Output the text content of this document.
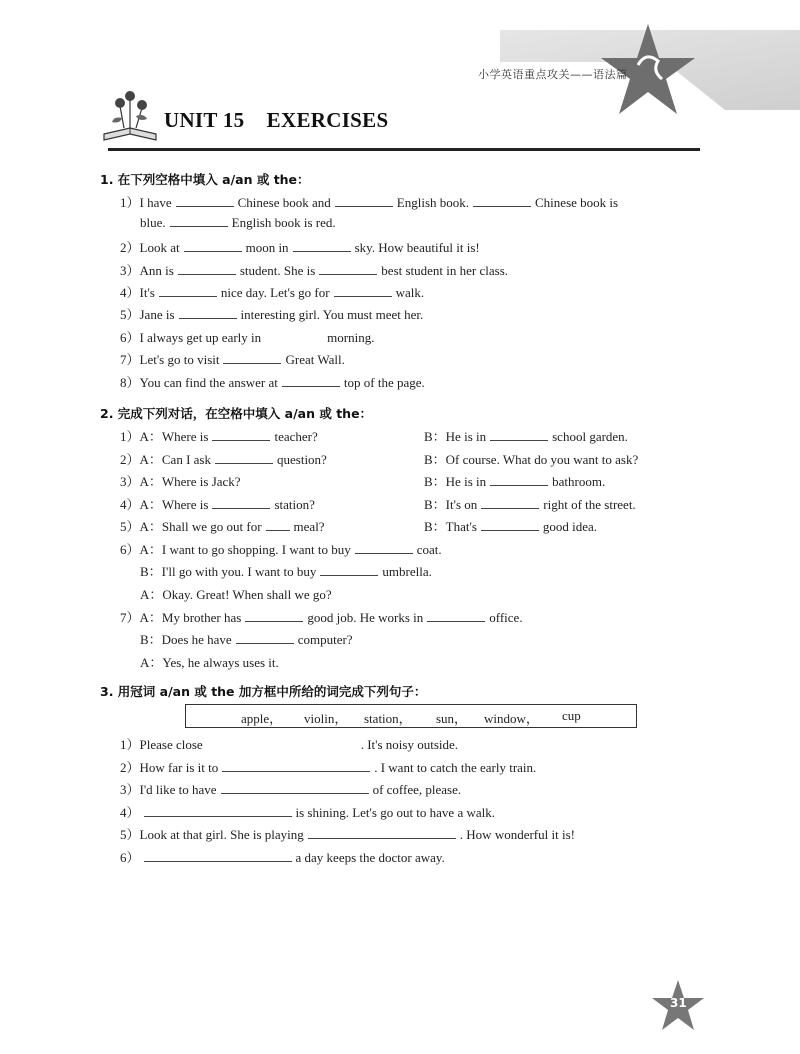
小学英语重点攻关——语法篇
UNIT 15    EXERCISES
1. 在下列空格中填入 a/an 或 the：
1）I have	Chinese book and	English book.	Chinese book is
blue.	English book is red.
2）Look at	moon in	sky. How beautiful it is!
3）Ann is	student. She is	best student in her class.
4）It's	nice day. Let's go for	walk.
5）Jane is	interesting girl. You must meet her.
6）I always get up early in	morning.
7）Let's go to visit	Great Wall.
8）You can find the answer at	top of the page.
2. 完成下列对话，在空格中填入 a/an 或 the：
1）A：Where is	teacher?	B：He is in	school garden.
2）A：Can I ask	question?	B：Of course. What do you want to ask?
3）A：Where is Jack?	B：He is in	bathroom.
4）A：Where is	station?	B：It's on	right of the street.
5）A：Shall we go out for meal?	B：That's	good idea.
6）A：I want to go shopping. I want to buy	coat.
B：I'll go with you. I want to buy	umbrella.
A：Okay. Great! When shall we go?
7）A：My brother has	good job. He works in	office.
B：Does he have	computer?
A：Yes, he always uses it.
3. 用冠词 a/an 或 the 加方框中所给的词完成下列句子：
apple， violin， station， sun， window， cup
1）Please close	. It's noisy outside.
2）How far is it to	. I want to catch the early train.
3）I'd like to have	of coffee, please.
4）	is shining. Let's go out to have a walk.
5）Look at that girl. She is playing	. How wonderful it is!
6）	a day keeps the doctor away.
31
